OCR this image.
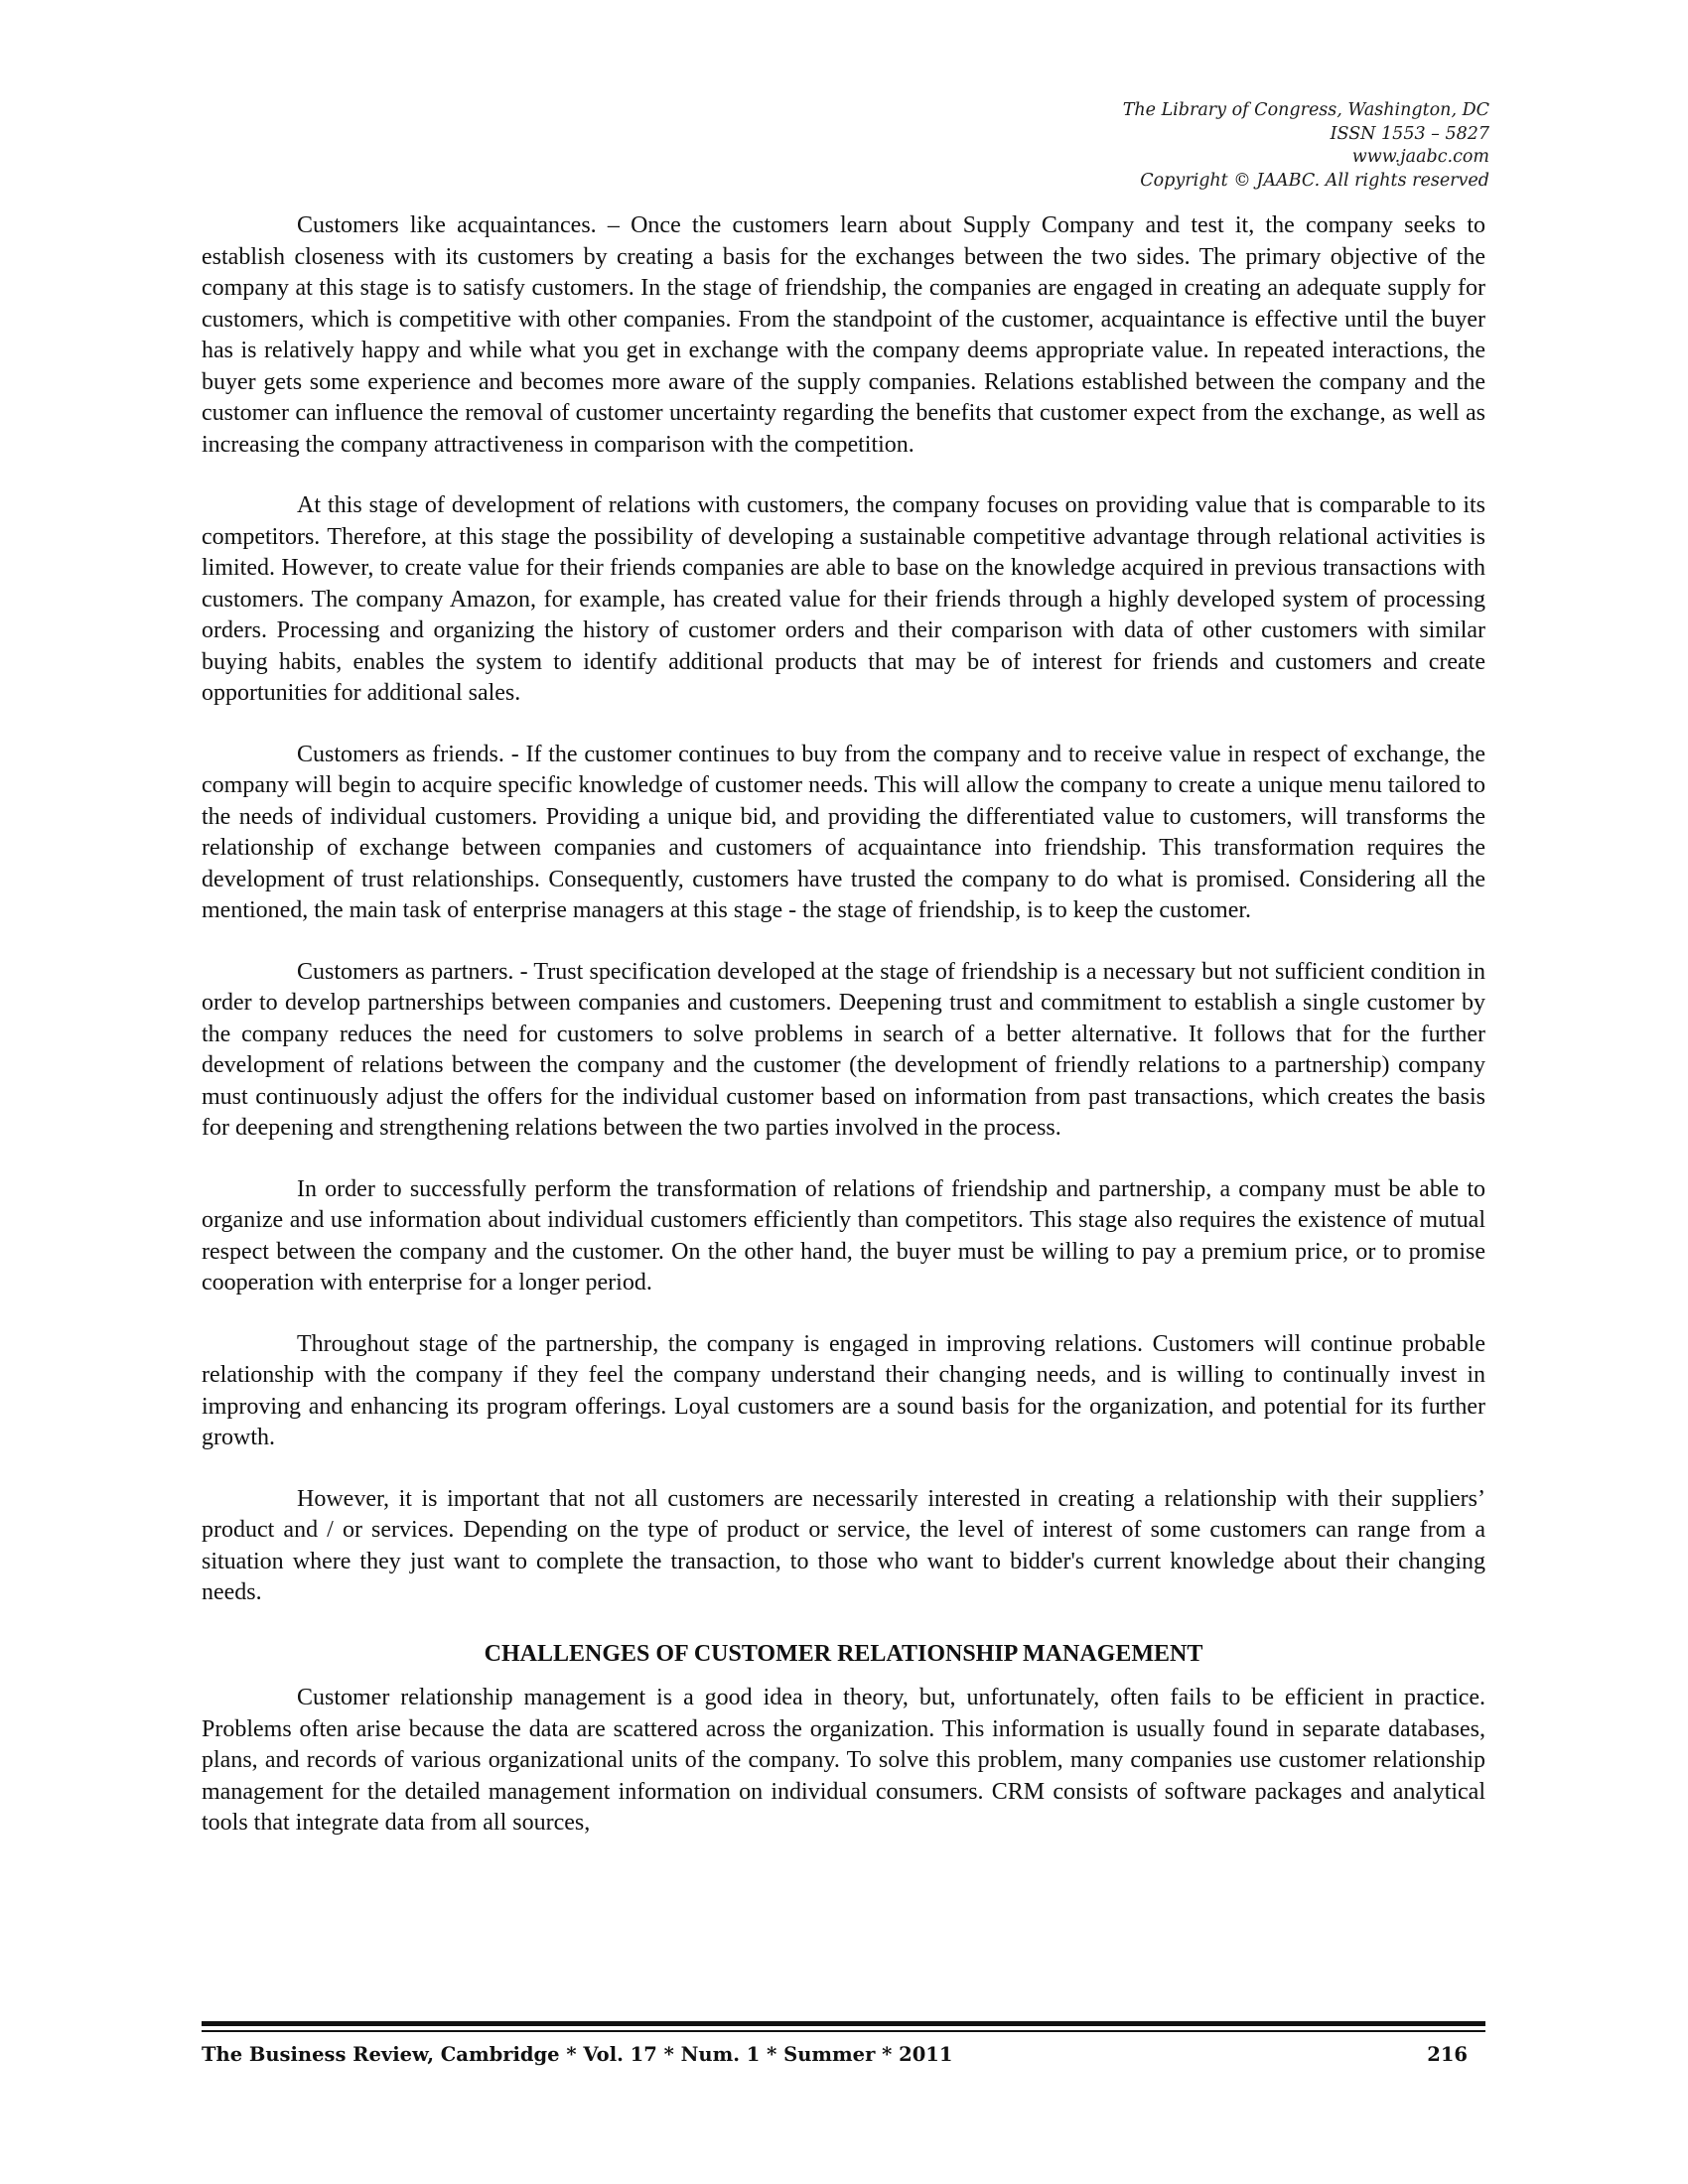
The Library of Congress, Washington, DC
ISSN 1553 – 5827
www.jaabc.com
Copyright © JAABC. All rights reserved

Customers like acquaintances. – Once the customers learn about Supply Company and test it, the company seeks to establish closeness with its customers by creating a basis for the exchanges between the two sides. The primary objective of the company at this stage is to satisfy customers. In the stage of friendship, the companies are engaged in creating an adequate supply for customers, which is competitive with other companies. From the standpoint of the customer, acquaintance is effective until the buyer has is relatively happy and while what you get in exchange with the company deems appropriate value. In repeated interactions, the buyer gets some experience and becomes more aware of the supply companies. Relations established between the company and the customer can influence the removal of customer uncertainty regarding the benefits that customer expect from the exchange, as well as increasing the company attractiveness in comparison with the competition.

At this stage of development of relations with customers, the company focuses on providing value that is comparable to its competitors. Therefore, at this stage the possibility of developing a sustainable competitive advantage through relational activities is limited. However, to create value for their friends companies are able to base on the knowledge acquired in previous transactions with customers. The company Amazon, for example, has created value for their friends through a highly developed system of processing orders. Processing and organizing the history of customer orders and their comparison with data of other customers with similar buying habits, enables the system to identify additional products that may be of interest for friends and customers and create opportunities for additional sales.

Customers as friends. - If the customer continues to buy from the company and to receive value in respect of exchange, the company will begin to acquire specific knowledge of customer needs. This will allow the company to create a unique menu tailored to the needs of individual customers. Providing a unique bid, and providing the differentiated value to customers, will transforms the relationship of exchange between companies and customers of acquaintance into friendship. This transformation requires the development of trust relationships. Consequently, customers have trusted the company to do what is promised. Considering all the mentioned, the main task of enterprise managers at this stage - the stage of friendship, is to keep the customer.

Customers as partners. - Trust specification developed at the stage of friendship is a necessary but not sufficient condition in order to develop partnerships between companies and customers. Deepening trust and commitment to establish a single customer by the company reduces the need for customers to solve problems in search of a better alternative. It follows that for the further development of relations between the company and the customer (the development of friendly relations to a partnership) company must continuously adjust the offers for the individual customer based on information from past transactions, which creates the basis for deepening and strengthening relations between the two parties involved in the process.

In order to successfully perform the transformation of relations of friendship and partnership, a company must be able to organize and use information about individual customers efficiently than competitors. This stage also requires the existence of mutual respect between the company and the customer. On the other hand, the buyer must be willing to pay a premium price, or to promise cooperation with enterprise for a longer period.

Throughout stage of the partnership, the company is engaged in improving relations. Customers will continue probable relationship with the company if they feel the company understand their changing needs, and is willing to continually invest in improving and enhancing its program offerings. Loyal customers are a sound basis for the organization, and potential for its further growth.

However, it is important that not all customers are necessarily interested in creating a relationship with their suppliers’ product and / or services. Depending on the type of product or service, the level of interest of some customers can range from a situation where they just want to complete the transaction, to those who want to bidder's current knowledge about their changing needs.

CHALLENGES OF CUSTOMER RELATIONSHIP MANAGEMENT

Customer relationship management is a good idea in theory, but, unfortunately, often fails to be efficient in practice. Problems often arise because the data are scattered across the organization. This information is usually found in separate databases, plans, and records of various organizational units of the company. To solve this problem, many companies use customer relationship management for the detailed management information on individual consumers. CRM consists of software packages and analytical tools that integrate data from all sources,

The Business Review, Cambridge * Vol. 17 * Num. 1 * Summer * 2011	216
